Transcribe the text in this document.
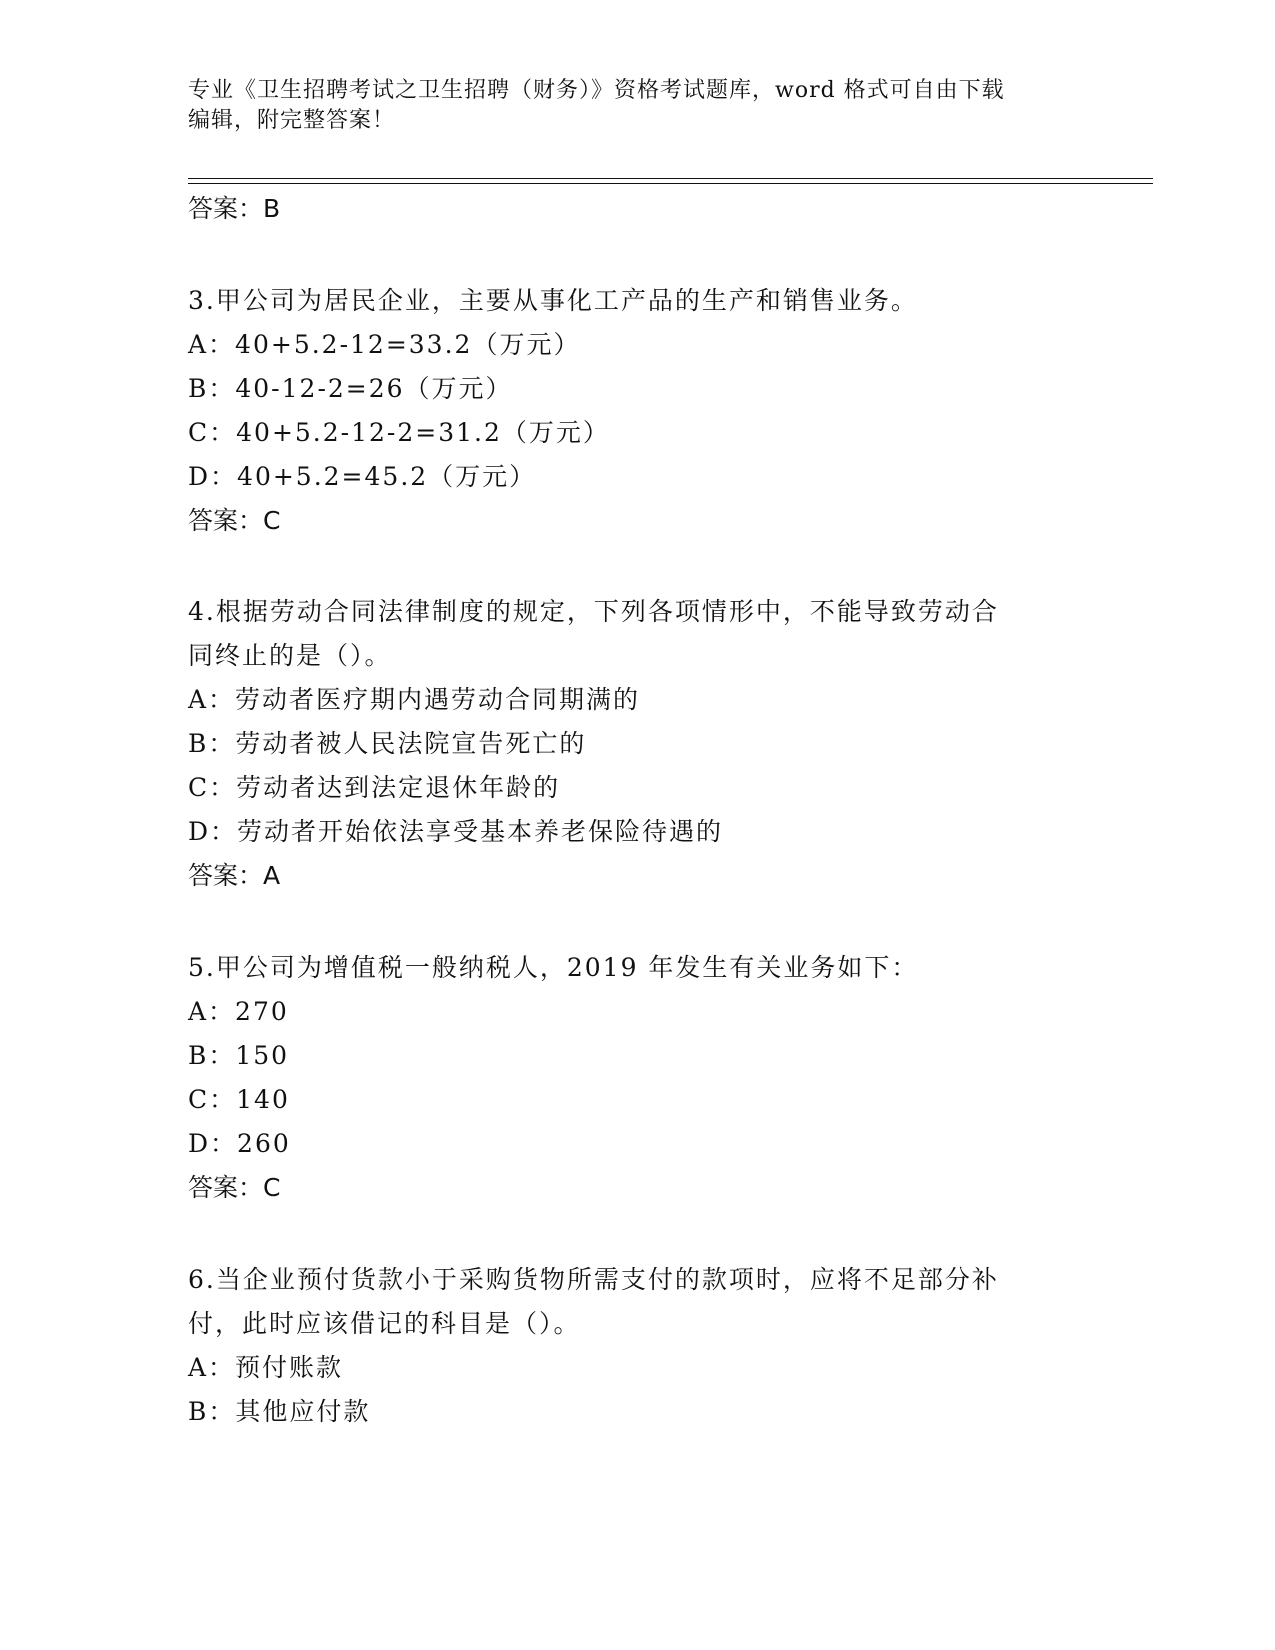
专业《卫生招聘考试之卫生招聘（财务）》资格考试题库，word 格式可自由下载
编辑，附完整答案！
答案：B
3.甲公司为居民企业，主要从事化工产品的生产和销售业务。
A：40+5.2-12=33.2（万元）
B：40-12-2=26（万元）
C：40+5.2-12-2=31.2（万元）
D：40+5.2=45.2（万元）
答案：C
4.根据劳动合同法律制度的规定，下列各项情形中，不能导致劳动合
同终止的是（）。
A：劳动者医疗期内遇劳动合同期满的
B：劳动者被人民法院宣告死亡的
C：劳动者达到法定退休年龄的
D：劳动者开始依法享受基本养老保险待遇的
答案：A
5.甲公司为增值税一般纳税人，2019 年发生有关业务如下：
A：270
B：150
C：140
D：260
答案：C
6.当企业预付货款小于采购货物所需支付的款项时，应将不足部分补
付，此时应该借记的科目是（）。
A：预付账款
B：其他应付款
